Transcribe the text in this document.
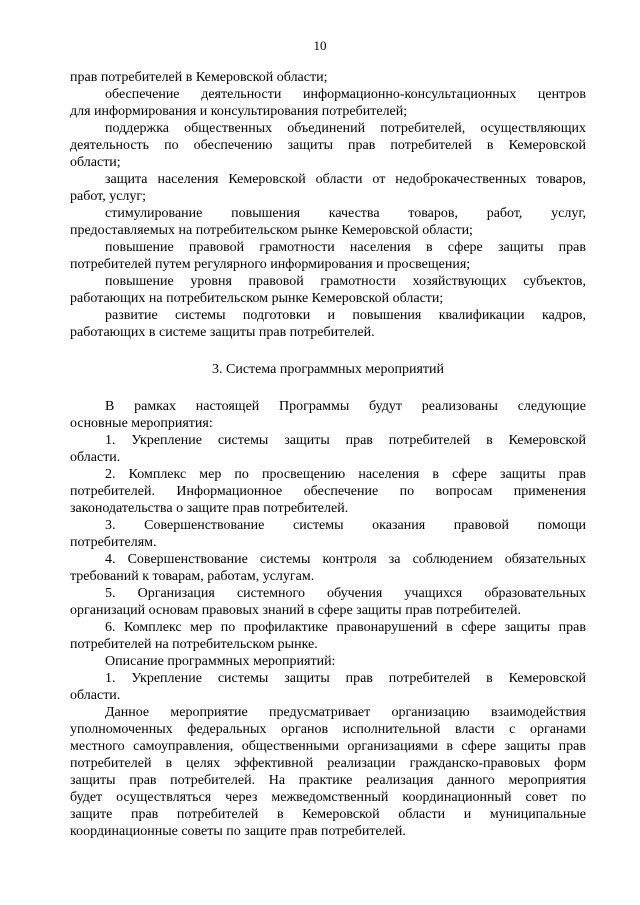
10
прав потребителей в Кемеровской области;
обеспечение деятельности информационно-консультационных центров
для информирования и консультирования потребителей;
поддержка общественных объединений потребителей, осуществляющих
деятельность по обеспечению защиты прав потребителей в Кемеровской
области;
защита населения Кемеровской области от недоброкачественных товаров,
работ, услуг;
стимулирование повышения качества товаров, работ, услуг,
предоставляемых на потребительском рынке Кемеровской области;
повышение правовой грамотности населения в сфере защиты прав
потребителей путем регулярного информирования и просвещения;
повышение уровня правовой грамотности хозяйствующих субъектов,
работающих на потребительском рынке Кемеровской области;
развитие системы подготовки и повышения квалификации кадров,
работающих в системе защиты прав потребителей.
3. Система программных мероприятий
В рамках настоящей Программы будут реализованы следующие
основные мероприятия:
1. Укрепление системы защиты прав потребителей в Кемеровской
области.
2. Комплекс мер по просвещению населения в сфере защиты прав
потребителей. Информационное обеспечение по вопросам применения
законодательства о защите прав потребителей.
3. Совершенствование системы оказания правовой помощи
потребителям.
4. Совершенствование системы контроля за соблюдением обязательных
требований к товарам, работам, услугам.
5. Организация системного обучения учащихся образовательных
организаций основам правовых знаний в сфере защиты прав потребителей.
6. Комплекс мер по профилактике правонарушений в сфере защиты прав
потребителей на потребительском рынке.
Описание программных мероприятий:
1. Укрепление системы защиты прав потребителей в Кемеровской
области.
Данное мероприятие предусматривает организацию взаимодействия
уполномоченных федеральных органов исполнительной власти с органами
местного самоуправления, общественными организациями в сфере защиты прав
потребителей в целях эффективной реализации гражданско-правовых форм
защиты прав потребителей. На практике реализация данного мероприятия
будет осуществляться через межведомственный координационный совет по
защите прав потребителей в Кемеровской области и муниципальные
координационные советы по защите прав потребителей.
